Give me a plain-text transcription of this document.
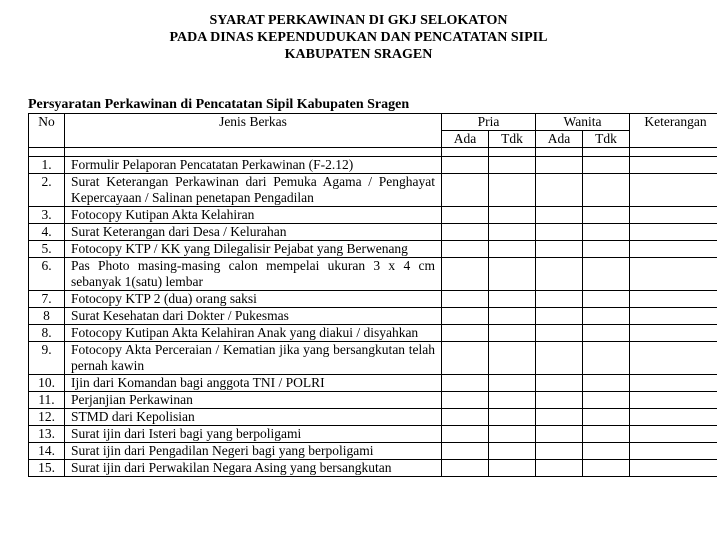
SYARAT PERKAWINAN DI GKJ SELOKATON
PADA DINAS KEPENDUDUKAN DAN PENCATATAN SIPIL
KABUPATEN SRAGEN
Persyaratan Perkawinan di Pencatatan Sipil Kabupaten Sragen
No	Jenis Berkas	Pria		Wanita		Keterangan
		Ada	Tdk	Ada	Tdk	

1.	Formulir Pelaporan Pencatatan Perkawinan (F-2.12)					
2.	Surat Keterangan Perkawinan dari Pemuka Agama / Penghayat Kepercayaan / Salinan penetapan Pengadilan					
3.	Fotocopy Kutipan Akta Kelahiran					
4.	Surat Keterangan dari Desa / Kelurahan					
5.	Fotocopy KTP / KK yang Dilegalisir Pejabat yang Berwenang					
6.	Pas Photo masing-masing calon mempelai ukuran 3 x 4 cm sebanyak 1(satu) lembar					
7.	Fotocopy KTP 2 (dua) orang saksi					
8	Surat Kesehatan dari Dokter / Pukesmas					
8.	Fotocopy Kutipan Akta Kelahiran Anak yang diakui / disyahkan					
9.	Fotocopy Akta Perceraian / Kematian jika yang bersangkutan telah pernah kawin					
10.	Ijin dari Komandan bagi anggota TNI / POLRI					
11.	Perjanjian Perkawinan					
12.	STMD dari Kepolisian					
13.	Surat ijin dari Isteri bagi yang berpoligami					
14.	Surat ijin dari Pengadilan Negeri bagi yang berpoligami					
15.	Surat ijin dari Perwakilan Negara Asing yang bersangkutan					
